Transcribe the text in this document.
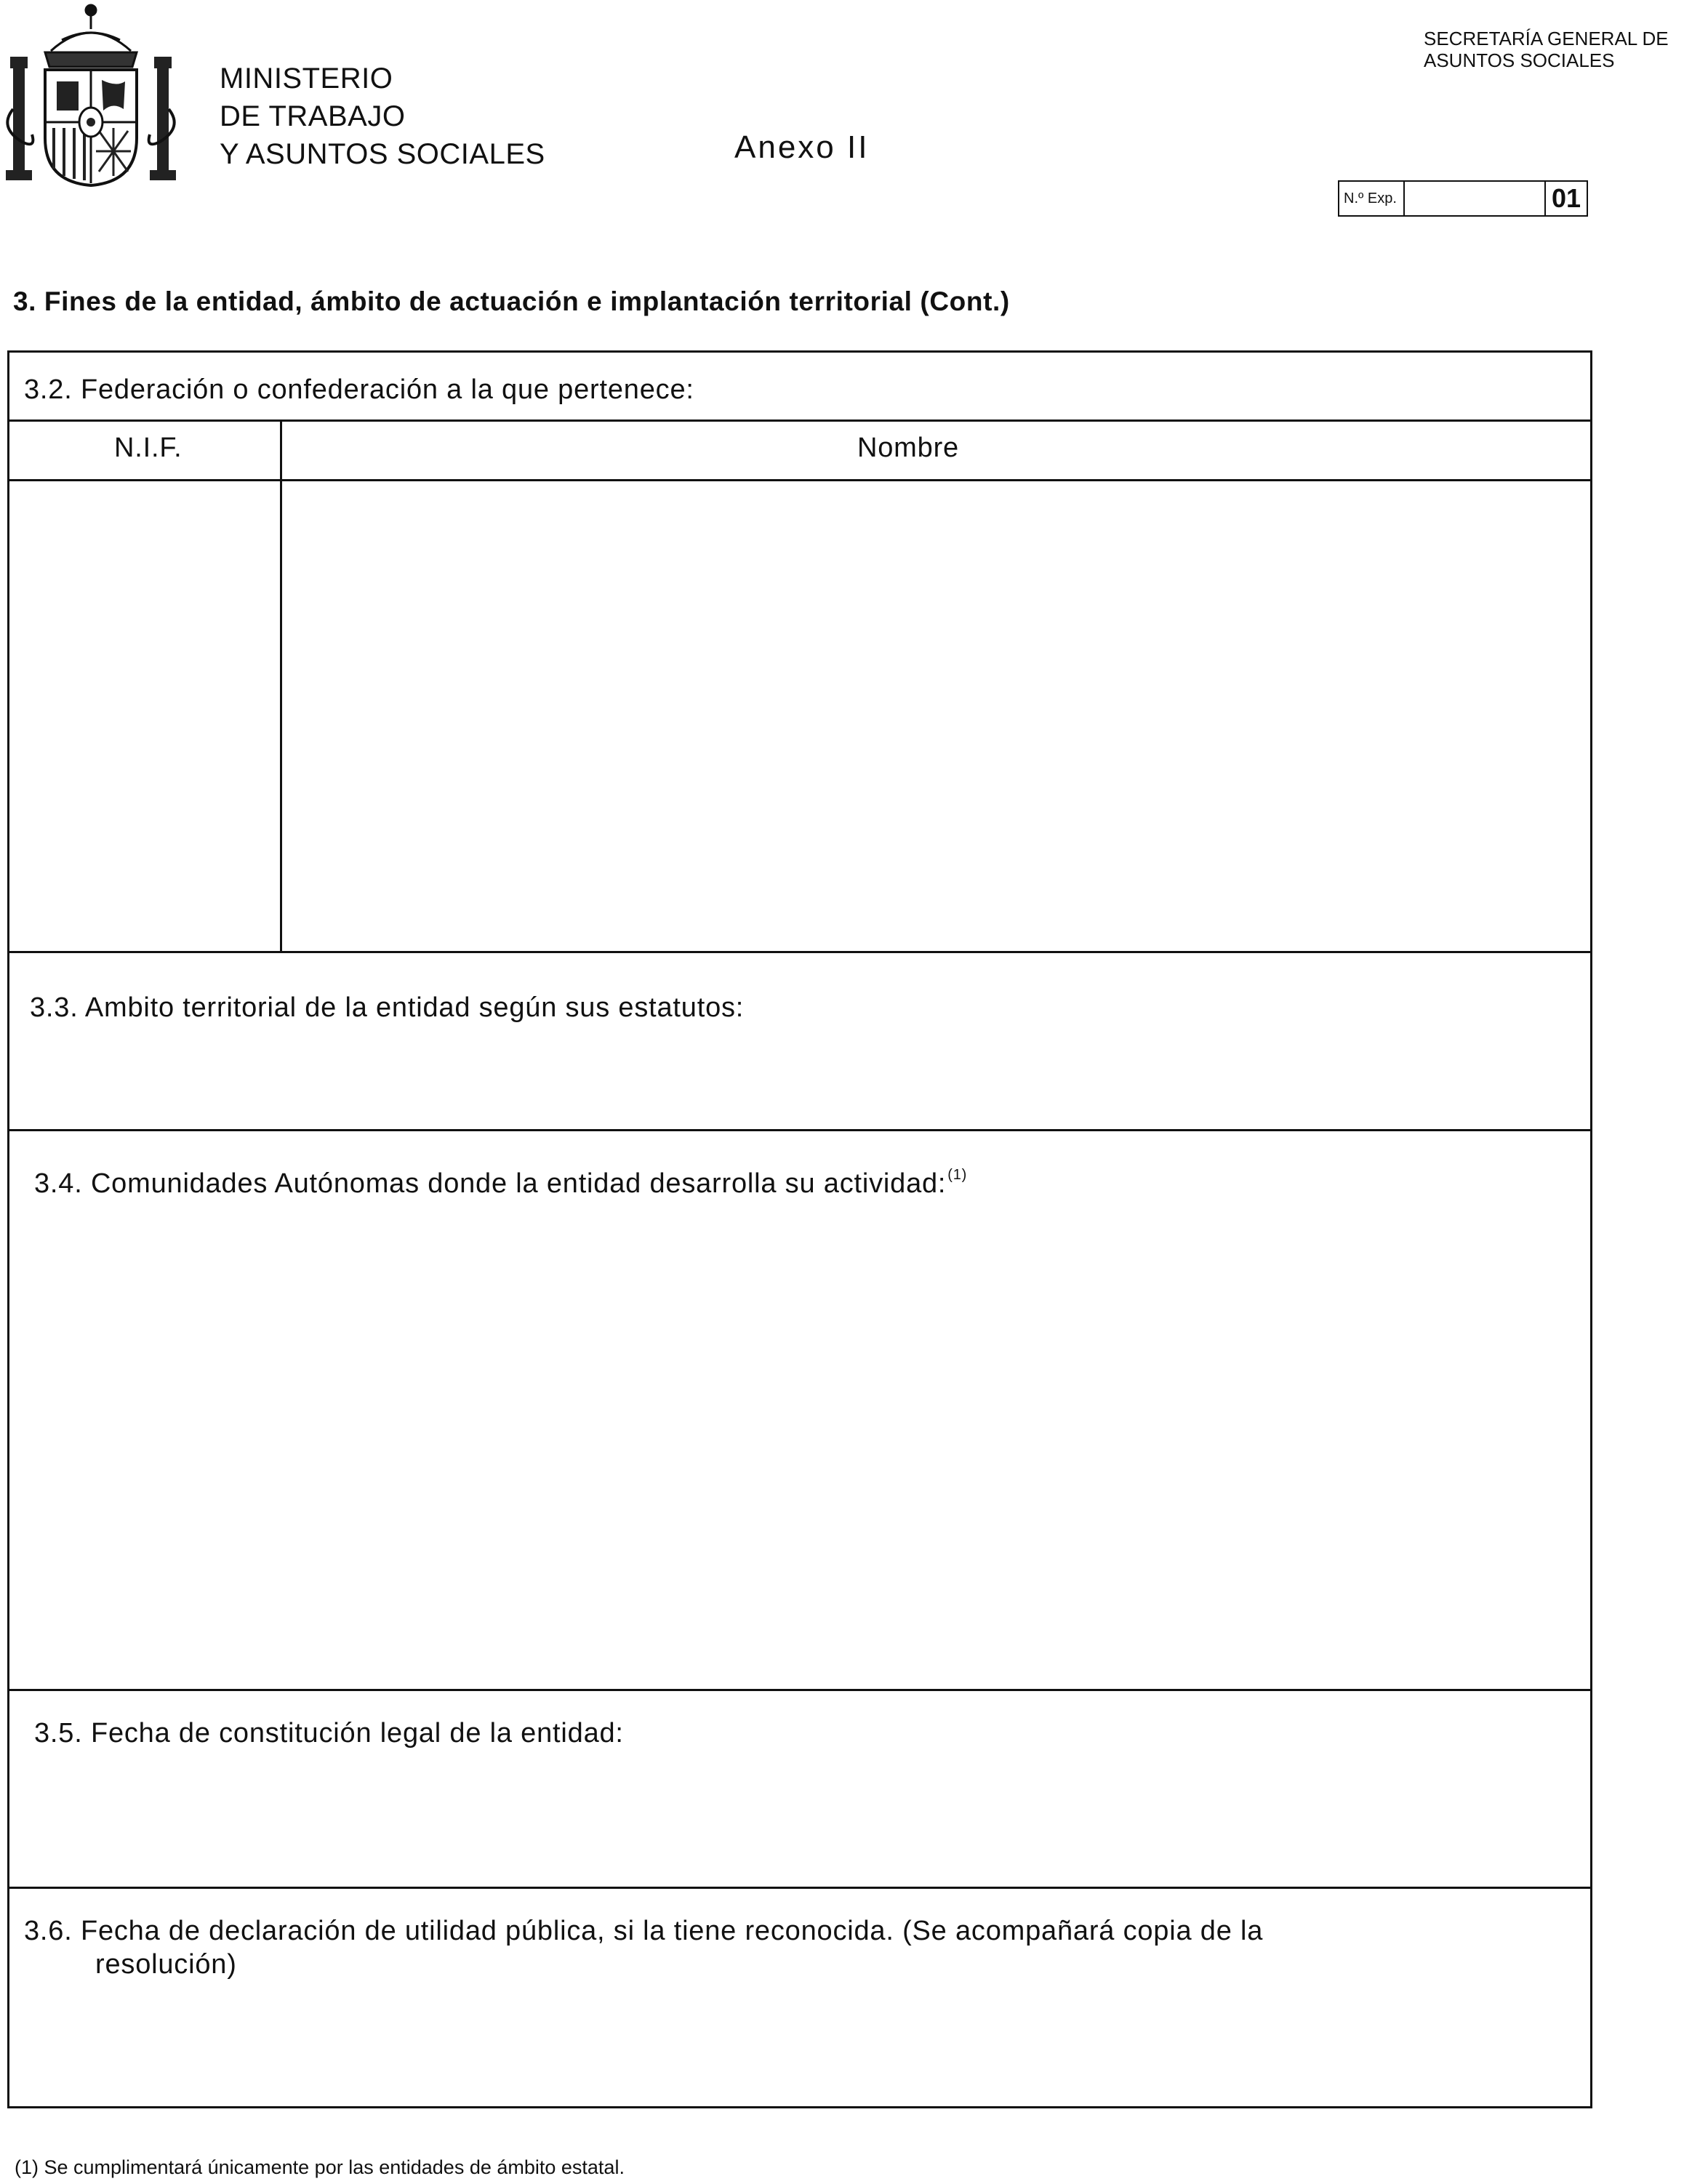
MINISTERIO
DE TRABAJO
Y ASUNTOS SOCIALES	Anexo II
SECRETARÍA GENERAL DE
ASUNTOS SOCIALES
N.º Exp.	01
3. Fines de la entidad, ámbito de actuación e implantación territorial (Cont.)
3.2. Federación o confederación a la que pertenece:
N.I.F.	Nombre
3.3. Ambito territorial de la entidad según sus estatutos:
3.4. Comunidades Autónomas donde la entidad desarrolla su actividad: $^{(1)}$
3.5. Fecha de constitución legal de la entidad:
3.6. Fecha de declaración de utilidad pública, si la tiene reconocida. (Se acompañará copia de la
resolución)
(1) Se cumplimentará únicamente por las entidades de ámbito estatal.
